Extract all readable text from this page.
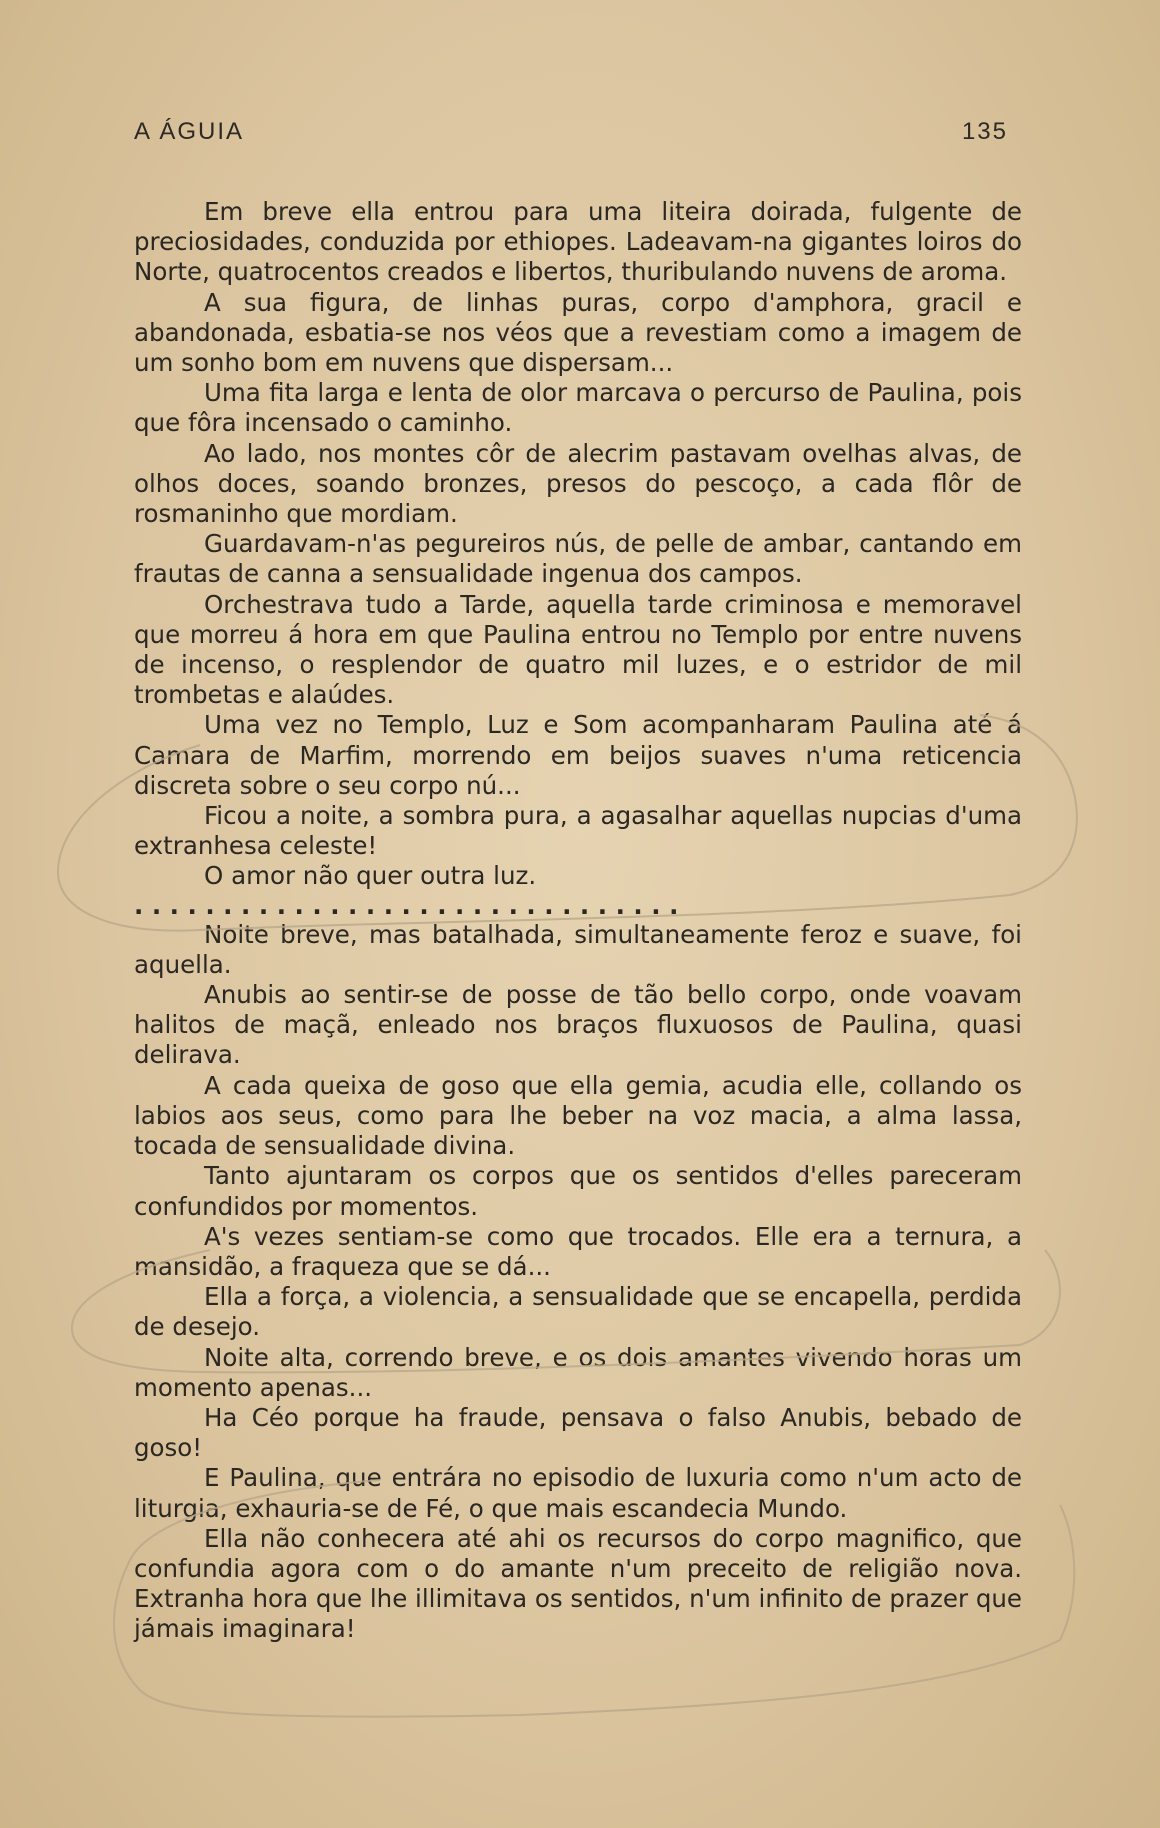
A ÁGUIA	135

Em breve ella entrou para uma liteira doirada, fulgente de preciosidades, conduzida por ethiopes. Ladeavam-na gigantes loiros do Norte, quatrocentos creados e libertos, thuribulando nuvens de aroma.

A sua figura, de linhas puras, corpo d'amphora, gracil e abandonada, esbatia-se nos véos que a revestiam como a imagem de um sonho bom em nuvens que dispersam...

Uma fita larga e lenta de olor marcava o percurso de Paulina, pois que fôra incensado o caminho.

Ao lado, nos montes côr de alecrim pastavam ovelhas alvas, de olhos doces, soando bronzes, presos do pescoço, a cada flôr de rosmaninho que mordiam.

Guardavam-n'as pegureiros nús, de pelle de ambar, cantando em frautas de canna a sensualidade ingenua dos campos.

Orchestrava tudo a Tarde, aquella tarde criminosa e memoravel que morreu á hora em que Paulina entrou no Templo por entre nuvens de incenso, o resplendor de quatro mil luzes, e o estridor de mil trombetas e alaúdes.

Uma vez no Templo, Luz e Som acompanharam Paulina até á Camara de Marfim, morrendo em beijos suaves n'uma reticencia discreta sobre o seu corpo nú...

Ficou a noite, a sombra pura, a agasalhar aquellas nupcias d'uma extranhesa celeste!

O amor não quer outra luz.

. . . . . . . . . . . . . . . . . . . . . . . . . . . . . . .

Noite breve, mas batalhada, simultaneamente feroz e suave, foi aquella.

Anubis ao sentir-se de posse de tão bello corpo, onde voavam halitos de maçã, enleado nos braços fluxuosos de Paulina, quasi delirava.

A cada queixa de goso que ella gemia, acudia elle, collando os labios aos seus, como para lhe beber na voz macia, a alma lassa, tocada de sensualidade divina.

Tanto ajuntaram os corpos que os sentidos d'elles pareceram confundidos por momentos.

A's vezes sentiam-se como que trocados. Elle era a ternura, a mansidão, a fraqueza que se dá...

Ella a força, a violencia, a sensualidade que se encapella, perdida de desejo.

Noite alta, correndo breve, e os dois amantes vivendo horas um momento apenas...

Ha Céo porque ha fraude, pensava o falso Anubis, bebado de goso!

E Paulina, que entrára no episodio de luxuria como n'um acto de liturgia, exhauria-se de Fé, o que mais escandecia Mundo.

Ella não conhecera até ahi os recursos do corpo magnifico, que confundia agora com o do amante n'um preceito de religião nova. Extranha hora que lhe illimitava os sentidos, n'um infinito de prazer que jámais imaginara!
